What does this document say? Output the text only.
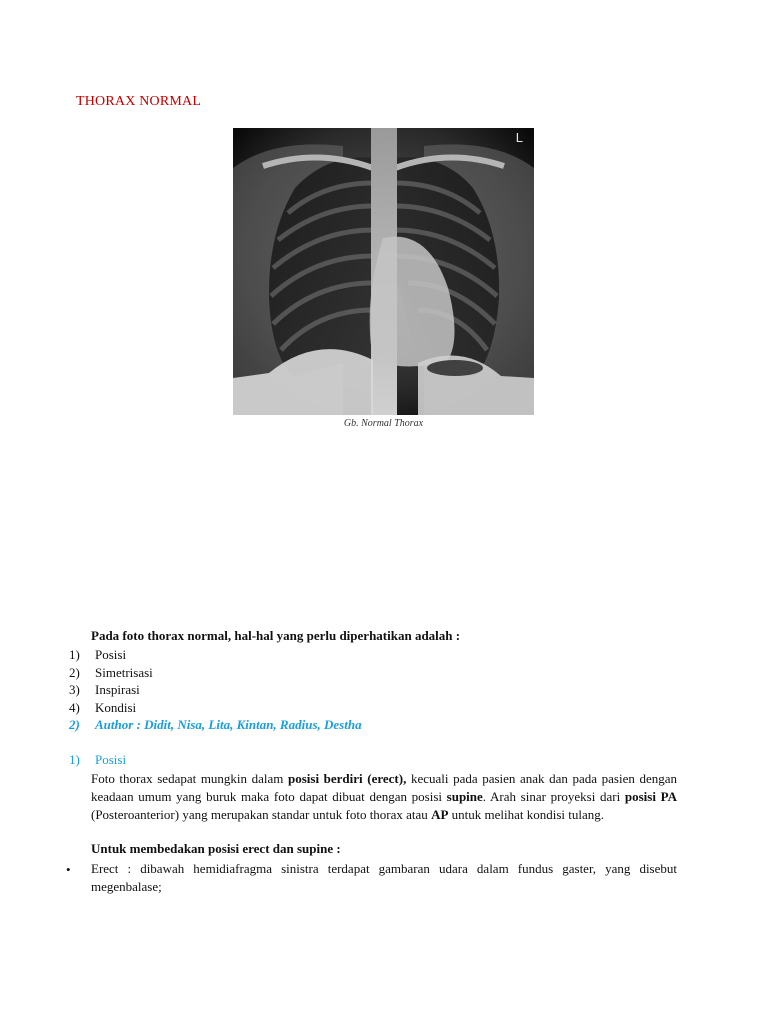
THORAX NORMAL
L
Gb. Normal Thorax
Pada foto thorax normal, hal-hal yang perlu diperhatikan adalah :
1) Posisi
2) Simetrisasi
3) Inspirasi
4) Kondisi
2) Author : Didit, Nisa, Lita, Kintan, Radius, Destha
1) Posisi
Foto thorax sedapat mungkin dalam posisi berdiri (erect), kecuali pada pasien anak dan pada pasien dengan keadaan umum yang buruk maka foto dapat dibuat dengan posisi supine. Arah sinar proyeksi dari posisi PA (Posteroanterior) yang merupakan standar untuk foto thorax atau AP untuk melihat kondisi tulang.
Untuk membedakan posisi erect dan supine :
• Erect : dibawah hemidiafragma sinistra terdapat gambaran udara dalam fundus gaster, yang disebut megenbalase;
